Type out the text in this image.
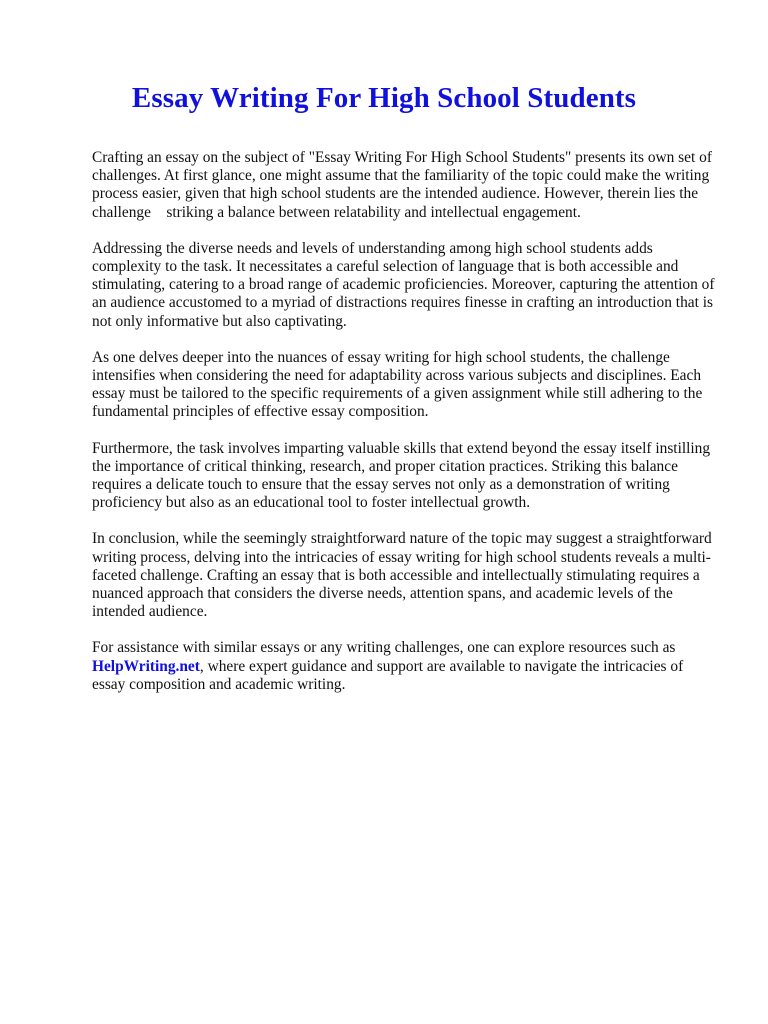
Essay Writing For High School Students

Crafting an essay on the subject of "Essay Writing For High School Students" presents its own set of challenges. At first glance, one might assume that the familiarity of the topic could make the writing process easier, given that high school students are the intended audience. However, therein lies the challenge    striking a balance between relatability and intellectual engagement.

Addressing the diverse needs and levels of understanding among high school students adds complexity to the task. It necessitates a careful selection of language that is both accessible and stimulating, catering to a broad range of academic proficiencies. Moreover, capturing the attention of an audience accustomed to a myriad of distractions requires finesse in crafting an introduction that is not only informative but also captivating.

As one delves deeper into the nuances of essay writing for high school students, the challenge intensifies when considering the need for adaptability across various subjects and disciplines. Each essay must be tailored to the specific requirements of a given assignment while still adhering to the fundamental principles of effective essay composition.

Furthermore, the task involves imparting valuable skills that extend beyond the essay itself instilling the importance of critical thinking, research, and proper citation practices. Striking this balance requires a delicate touch to ensure that the essay serves not only as a demonstration of writing proficiency but also as an educational tool to foster intellectual growth.

In conclusion, while the seemingly straightforward nature of the topic may suggest a straightforward writing process, delving into the intricacies of essay writing for high school students reveals a multi-faceted challenge. Crafting an essay that is both accessible and intellectually stimulating requires a nuanced approach that considers the diverse needs, attention spans, and academic levels of the intended audience.

For assistance with similar essays or any writing challenges, one can explore resources such as HelpWriting.net, where expert guidance and support are available to navigate the intricacies of essay composition and academic writing.
